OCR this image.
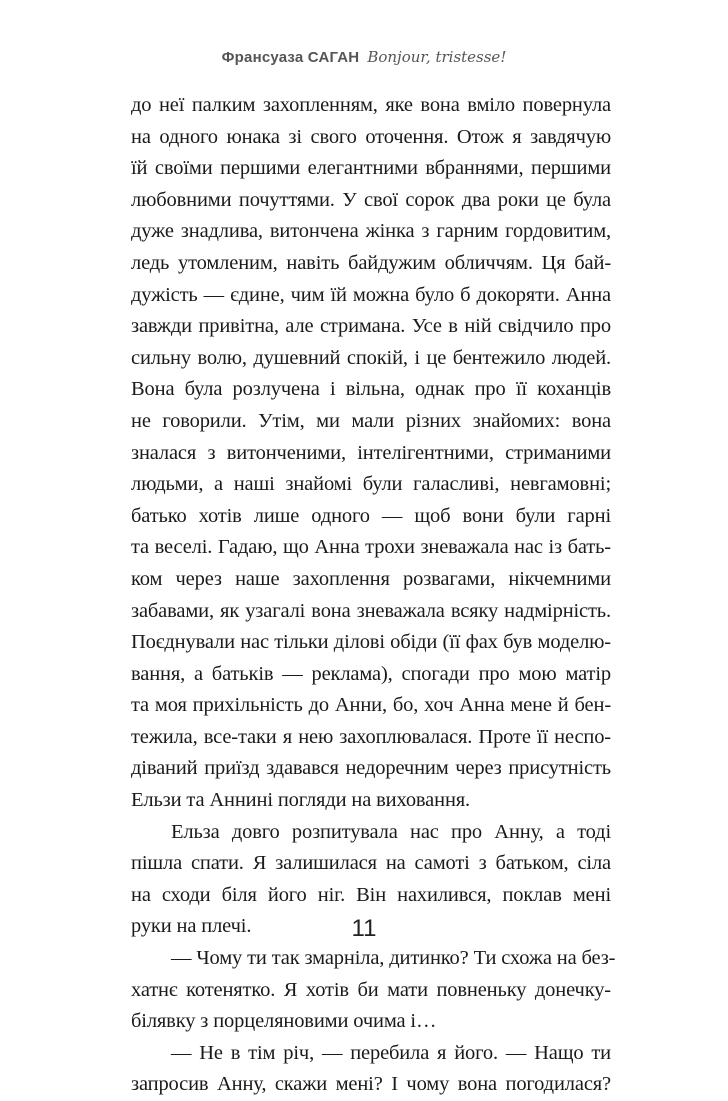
Франсуаза САГАН Bonjour, tristesse!
до неї палким захопленням, яке вона вміло повернула
на одного юнака зі свого оточення. Отож я завдячую
їй своїми першими елегантними вбраннями, першими
любовними почуттями. У свої сорок два роки це була
дуже знадлива, витончена жінка з гарним гордовитим,
ледь утомленим, навіть байдужим обличчям. Ця бай-
дужість — єдине, чим їй можна було б докоряти. Анна
завжди привітна, але стримана. Усе в ній свідчило про
сильну волю, душевний спокій, і це бентежило людей.
Вона була розлучена і вільна, однак про її коханців
не говорили. Утім, ми мали різних знайомих: вона
зналася з витонченими, інтелігентними, стриманими
людьми, а наші знайомі були галасливі, невгамовні;
батько хотів лише одного — щоб вони були гарні
та веселі. Гадаю, що Анна трохи зневажала нас із бать-
ком через наше захоплення розвагами, нікчемними
забавами, як узагалі вона зневажала всяку надмірність.
Поєднували нас тільки ділові обіди (її фах був моделю-
вання, а батьків — реклама), спогади про мою матір
та моя прихільність до Анни, бо, хоч Анна мене й бен-
тежила, все-таки я нею захоплювалася. Проте її неспо-
діваний приїзд здавався недоречним через присутність
Ельзи та Аннині погляди на виховання.
Ельза довго розпитувала нас про Анну, а тоді
пішла спати. Я залишилася на самоті з батьком, сіла
на сходи біля його ніг. Він нахилився, поклав мені
руки на плечі.
— Чому ти так змарніла, дитинко? Ти схожа на без-
хатнє котенятко. Я хотів би мати повненьку донечку-
білявку з порцеляновими очима і…
— Не в тім річ, — перебила я його. — Нащо ти
запросив Анну, скажи мені? І чому вона погодилася?
11
